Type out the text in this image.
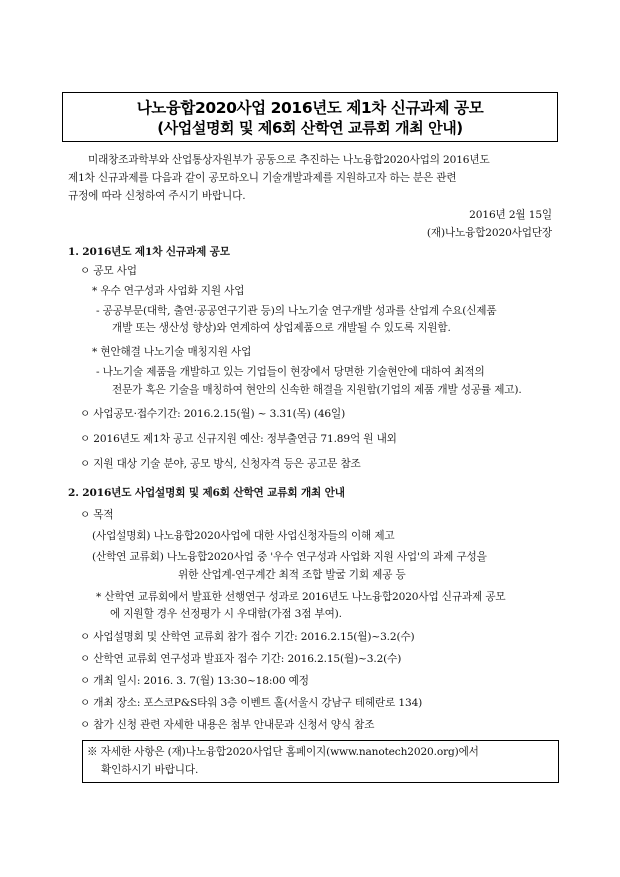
나노융합2020사업 2016년도 제1차 신규과제 공모
(사업설명회 및 제6회 산학연 교류회 개최 안내)
미래창조과학부와 산업통상자원부가 공동으로 추진하는 나노융합2020사업의 2016년도
제1차 신규과제를 다음과 같이 공모하오니 기술개발과제를 지원하고자 하는 분은 관련
규정에 따라 신청하여 주시기 바랍니다.
2016년 2월 15일
(재)나노융합2020사업단장
1. 2016년도 제1차 신규과제 공모
ㅇ 공모 사업
* 우수 연구성과 사업화 지원 사업
- 공공부문(대학, 출연·공공연구기관 등)의 나노기술 연구개발 성과를 산업계 수요(신제품
개발 또는 생산성 향상)와 연계하여 상업제품으로 개발될 수 있도록 지원함.
* 현안해결 나노기술 매칭지원 사업
- 나노기술 제품을 개발하고 있는 기업들이 현장에서 당면한 기술현안에 대하여 최적의
전문가 혹은 기술을 매칭하여 현안의 신속한 해결을 지원함(기업의 제품 개발 성공률 제고).
ㅇ 사업공모·접수기간: 2016.2.15(월) ~ 3.31(목) (46일)
ㅇ 2016년도 제1차 공고 신규지원 예산: 정부출연금 71.89억 원 내외
ㅇ 지원 대상 기술 분야, 공모 방식, 신청자격 등은 공고문 참조
2. 2016년도 사업설명회 및 제6회 산학연 교류회 개최 안내
ㅇ 목적
(사업설명회) 나노융합2020사업에 대한 사업신청자들의 이해 제고
(산학연 교류회) 나노융합2020사업 중 '우수 연구성과 사업화 지원 사업'의 과제 구성을
위한 산업계-연구계간 최적 조합 발굴 기회 제공 등
* 산학연 교류회에서 발표한 선행연구 성과로 2016년도 나노융합2020사업 신규과제 공모
에 지원할 경우 선정평가 시 우대함(가점 3점 부여).
ㅇ 사업설명회 및 산학연 교류회 참가 접수 기간: 2016.2.15(월)~3.2(수)
ㅇ 산학연 교류회 연구성과 발표자 접수 기간: 2016.2.15(월)~3.2(수)
ㅇ 개최 일시: 2016. 3. 7(월) 13:30~18:00 예정
ㅇ 개최 장소: 포스코P&S타워 3층 이벤트 홀(서울시 강남구 테헤란로 134)
ㅇ 참가 신청 관련 자세한 내용은 첨부 안내문과 신청서 양식 참조
※ 자세한 사항은 (재)나노융합2020사업단 홈페이지(www.nanotech2020.org)에서
확인하시기 바랍니다.
